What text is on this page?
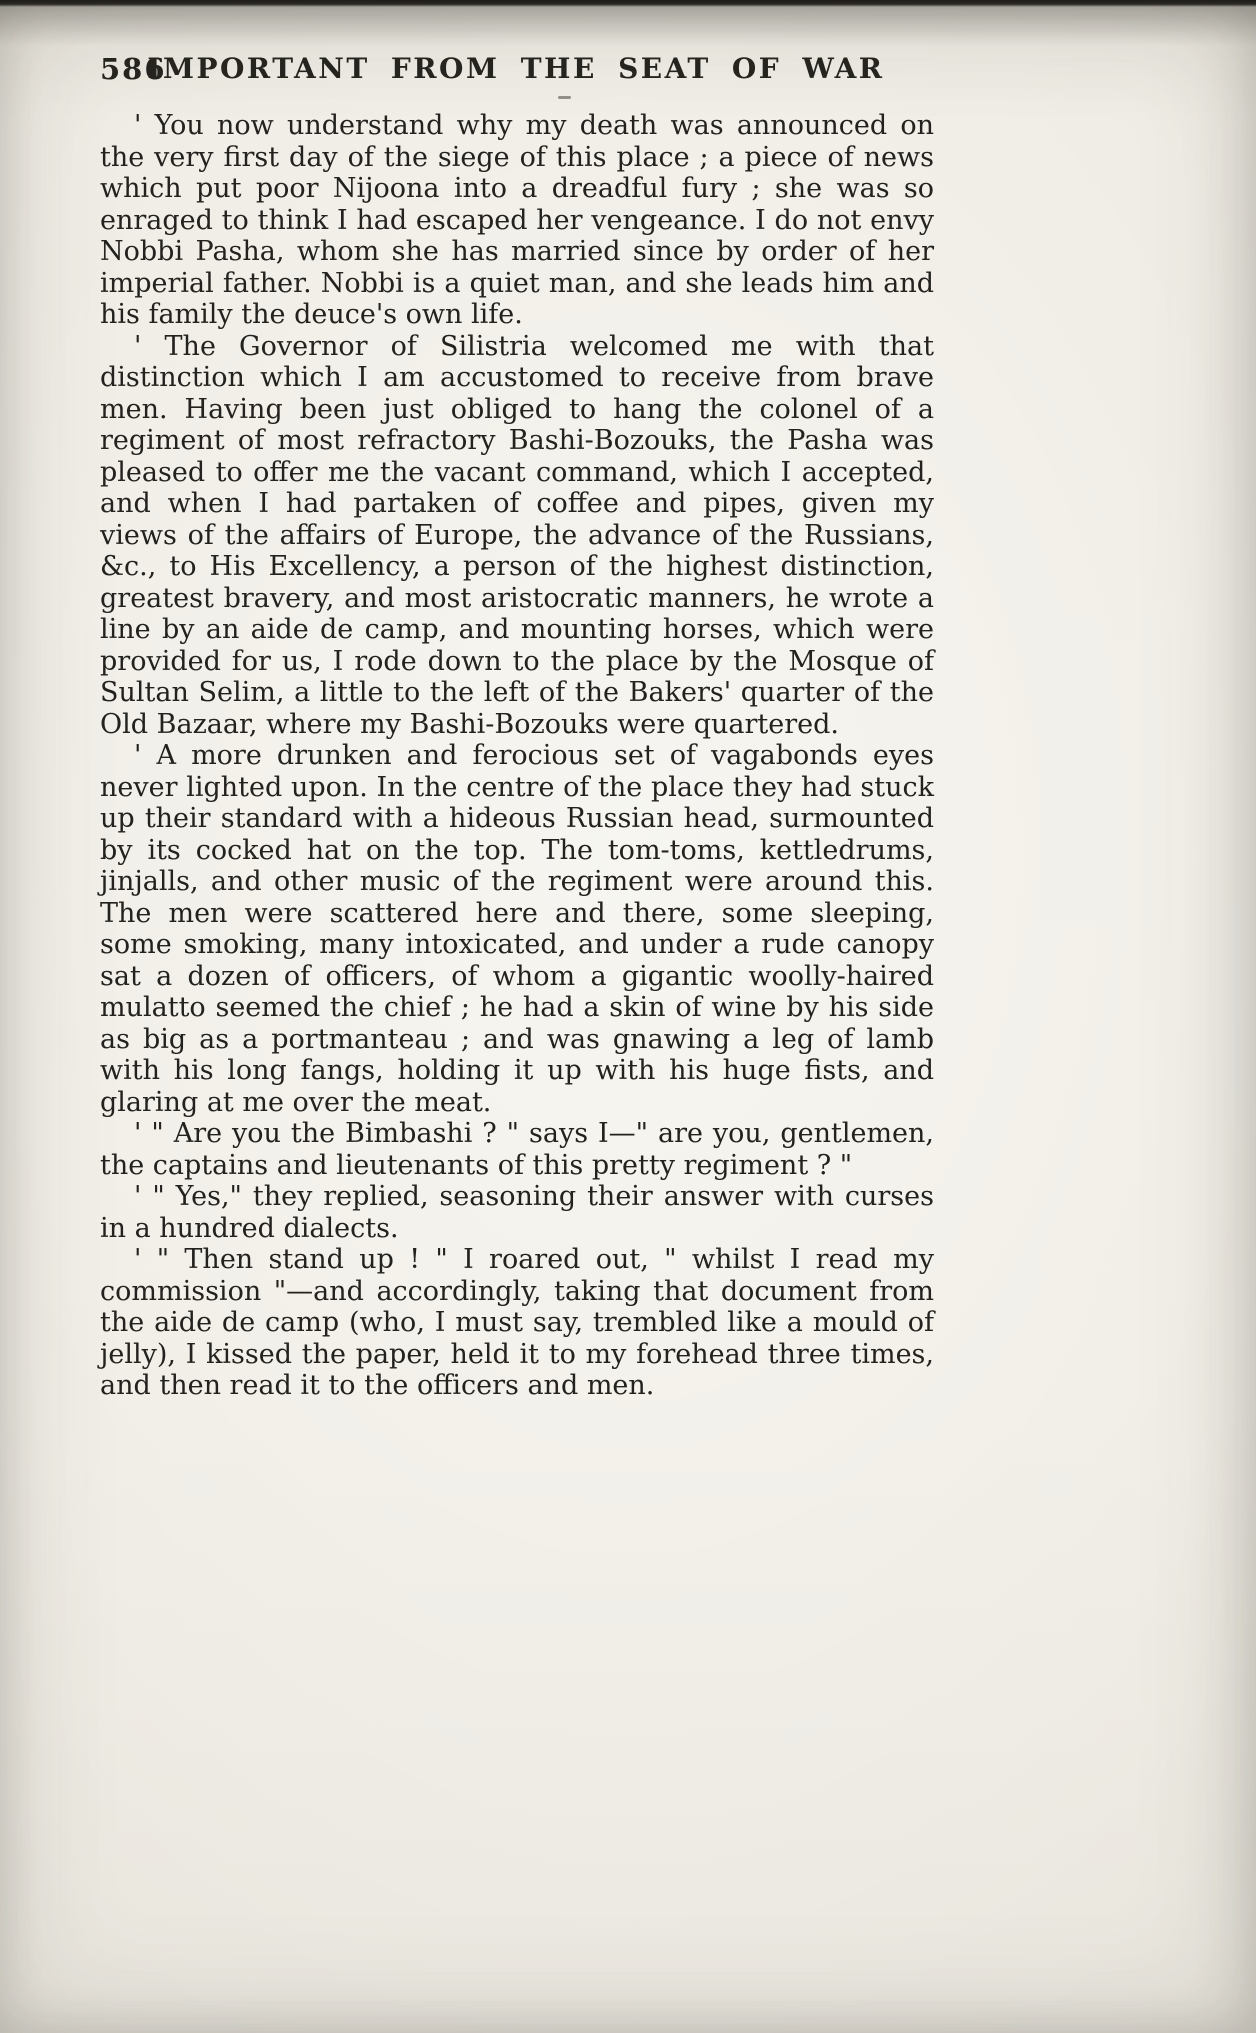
586
IMPORTANT FROM THE SEAT OF WAR

' You now understand why my death was announced on the very first day of the siege of this place ; a piece of news which put poor Nijoona into a dreadful fury ; she was so enraged to think I had escaped her vengeance. I do not envy Nobbi Pasha, whom she has married since by order of her imperial father. Nobbi is a quiet man, and she leads him and his family the deuce's own life.

' The Governor of Silistria welcomed me with that distinction which I am accustomed to receive from brave men. Having been just obliged to hang the colonel of a regiment of most refractory Bashi-Bozouks, the Pasha was pleased to offer me the vacant command, which I accepted, and when I had partaken of coffee and pipes, given my views of the affairs of Europe, the advance of the Russians, &c., to His Excellency, a person of the highest distinction, greatest bravery, and most aristocratic manners, he wrote a line by an aide de camp, and mounting horses, which were provided for us, I rode down to the place by the Mosque of Sultan Selim, a little to the left of the Bakers' quarter of the Old Bazaar, where my Bashi-Bozouks were quartered.

' A more drunken and ferocious set of vagabonds eyes never lighted upon. In the centre of the place they had stuck up their standard with a hideous Russian head, surmounted by its cocked hat on the top. The tom-toms, kettledrums, jinjalls, and other music of the regiment were around this. The men were scattered here and there, some sleeping, some smoking, many intoxicated, and under a rude canopy sat a dozen of officers, of whom a gigantic woolly-haired mulatto seemed the chief ; he had a skin of wine by his side as big as a portmanteau ; and was gnawing a leg of lamb with his long fangs, holding it up with his huge fists, and glaring at me over the meat.

' " Are you the Bimbashi ? " says I—" are you, gentlemen, the captains and lieutenants of this pretty regiment ? "

' " Yes," they replied, seasoning their answer with curses in a hundred dialects.

' " Then stand up ! " I roared out, " whilst I read my commission "—and accordingly, taking that document from the aide de camp (who, I must say, trembled like a mould of jelly), I kissed the paper, held it to my forehead three times, and then read it to the officers and men.
